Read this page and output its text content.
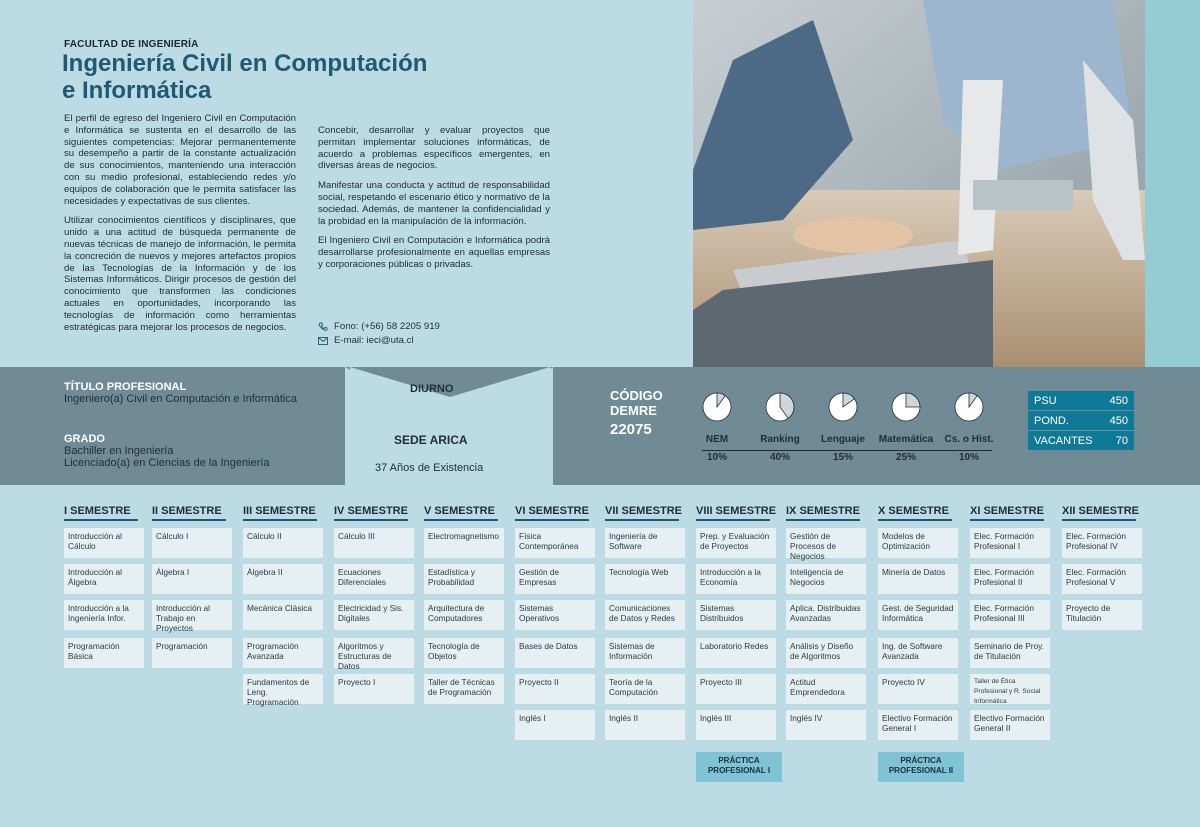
FACULTAD DE INGENIERÍA
Ingeniería Civil en Computación
e Informática

El perfil de egreso del Ingeniero Civil en Computación e Informática se sustenta en el desarrollo de las siguientes competencias: Mejorar permanentemente su desempeño a partir de la constante actualización de sus conocimientos, manteniendo una interacción con su medio profesional, estableciendo redes y/o equipos de colaboración que le permita satisfacer las necesidades y expectativas de sus clientes.

Utilizar conocimientos científicos y disciplinares, que unido a una actitud de búsqueda permanente de nuevas técnicas de manejo de información, le permita la concreción de nuevos y mejores artefactos propios de las Tecnologías de la Información y de los Sistemas Informáticos. Dirigir procesos de gestión del conocimiento que transformen las condiciones actuales en oportunidades, incorporando las tecnologías de información como herramientas estratégicas para mejorar los procesos de negocios.

Concebir, desarrollar y evaluar proyectos que permitan implementar soluciones informáticas, de acuerdo a problemas específicos emergentes, en diversas áreas de negocios.

Manifestar una conducta y actitud de responsabilidad social, respetando el escenario ético y normativo de la sociedad. Además, de mantener la confidencialidad y la probidad en la manipulación de la información.

El Ingeniero Civil en Computación e Informática podrá desarrollarse profesionalmente en aquellas empresas y corporaciones públicas o privadas.

Fono: (+56) 58 2205 919
E-mail: ieci@uta.cl
TÍTULO PROFESIONAL
Ingeniero(a) Civil en Computación e Informática
GRADO
Bachiller en Ingeniería
Licenciado(a) en Ciencias de la Ingeniería
DIURNO
SEDE ARICA
37 Años de Existencia
CÓDIGO
DEMRE
22075
NEM
10%
Ranking
40%
Lenguaje
15%
Matemática
25%
Cs. o Hist.
10%
PSU	450
POND.	450
VACANTES 70
I SEMESTRE
Introducción al Cálculo
Introducción al Álgebra
Introducción a la Ingeniería Infor.
Programación Básica
II SEMESTRE
Cálculo I
Álgebra I
Introducción al Trabajo en Proyectos
Programación
III SEMESTRE
Cálculo II
Álgebra II
Mecánica Clásica
Programación Avanzada
Fundamentos de Leng. Programación
IV SEMESTRE
Cálculo III
Ecuaciones Diferenciales
Electricidad y Sis. Digitales
Algoritmos y Estructuras de Datos
Proyecto I
V SEMESTRE
Electromagnetismo
Estadística y Probabilidad
Arquitectura de Computadores
Tecnología de Objetos
Taller de Técnicas de Programación
VI SEMESTRE
Física Contemporánea
Gestión de Empresas
Sistemas Operativos
Bases de Datos
Proyecto II
Inglés I
VII SEMESTRE
Ingeniería de Software
Tecnología Web
Comunicaciones de Datos y Redes
Sistemas de Información
Teoría de la Computación
Inglés II
VIII SEMESTRE
Prep. y Evaluación de Proyectos
Introducción a la Economía
Sistemas Distribuidos
Laboratorio Redes
Proyecto III
Inglés III
IX SEMESTRE
Gestión de Procesos de Negocios
Inteligencia de Negocios
Aplica. Distribuidas Avanzadas
Análisis y Diseño de Algoritmos
Actitud Emprendedora
Inglés IV
X SEMESTRE
Modelos de Optimización
Minería de Datos
Gest. de Seguridad Informática
Ing. de Software Avanzada
Proyecto IV
Electivo Formación General I
XI SEMESTRE
Elec. Formación Profesional I
Elec. Formación Profesional II
Elec. Formación Profesional III
Seminario de Proy. de Titulación
Taller de Ética Profesional y R. Social Informática
Electivo Formación General II
XII SEMESTRE
Elec. Formación Profesional IV
Elec. Formación Profesional V
Proyecto de Titulación
PRÁCTICA
PROFESIONAL I
PRÁCTICA
PROFESIONAL II
